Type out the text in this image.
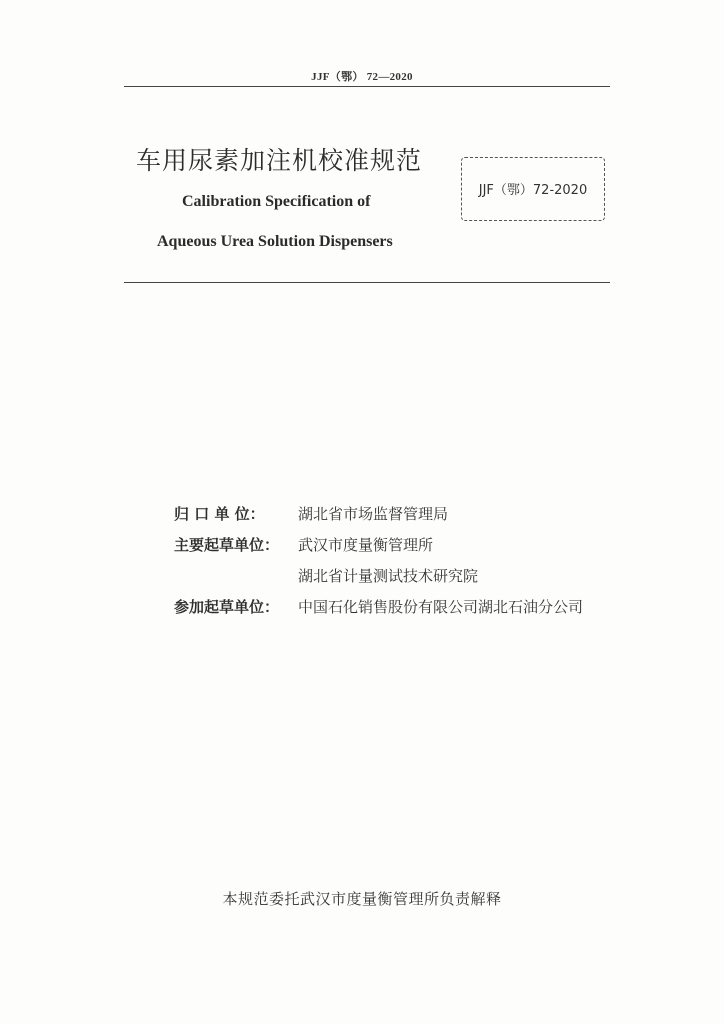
JJF（鄂） 72—2020
车用尿素加注机校准规范
Calibration Specification of
Aqueous Urea Solution Dispensers
JJF（鄂）72-2020
归 口 单 位：	湖北省市场监督管理局
主要起草单位：	武汉市度量衡管理所
湖北省计量测试技术研究院
参加起草单位：	中国石化销售股份有限公司湖北石油分公司
本规范委托武汉市度量衡管理所负责解释
